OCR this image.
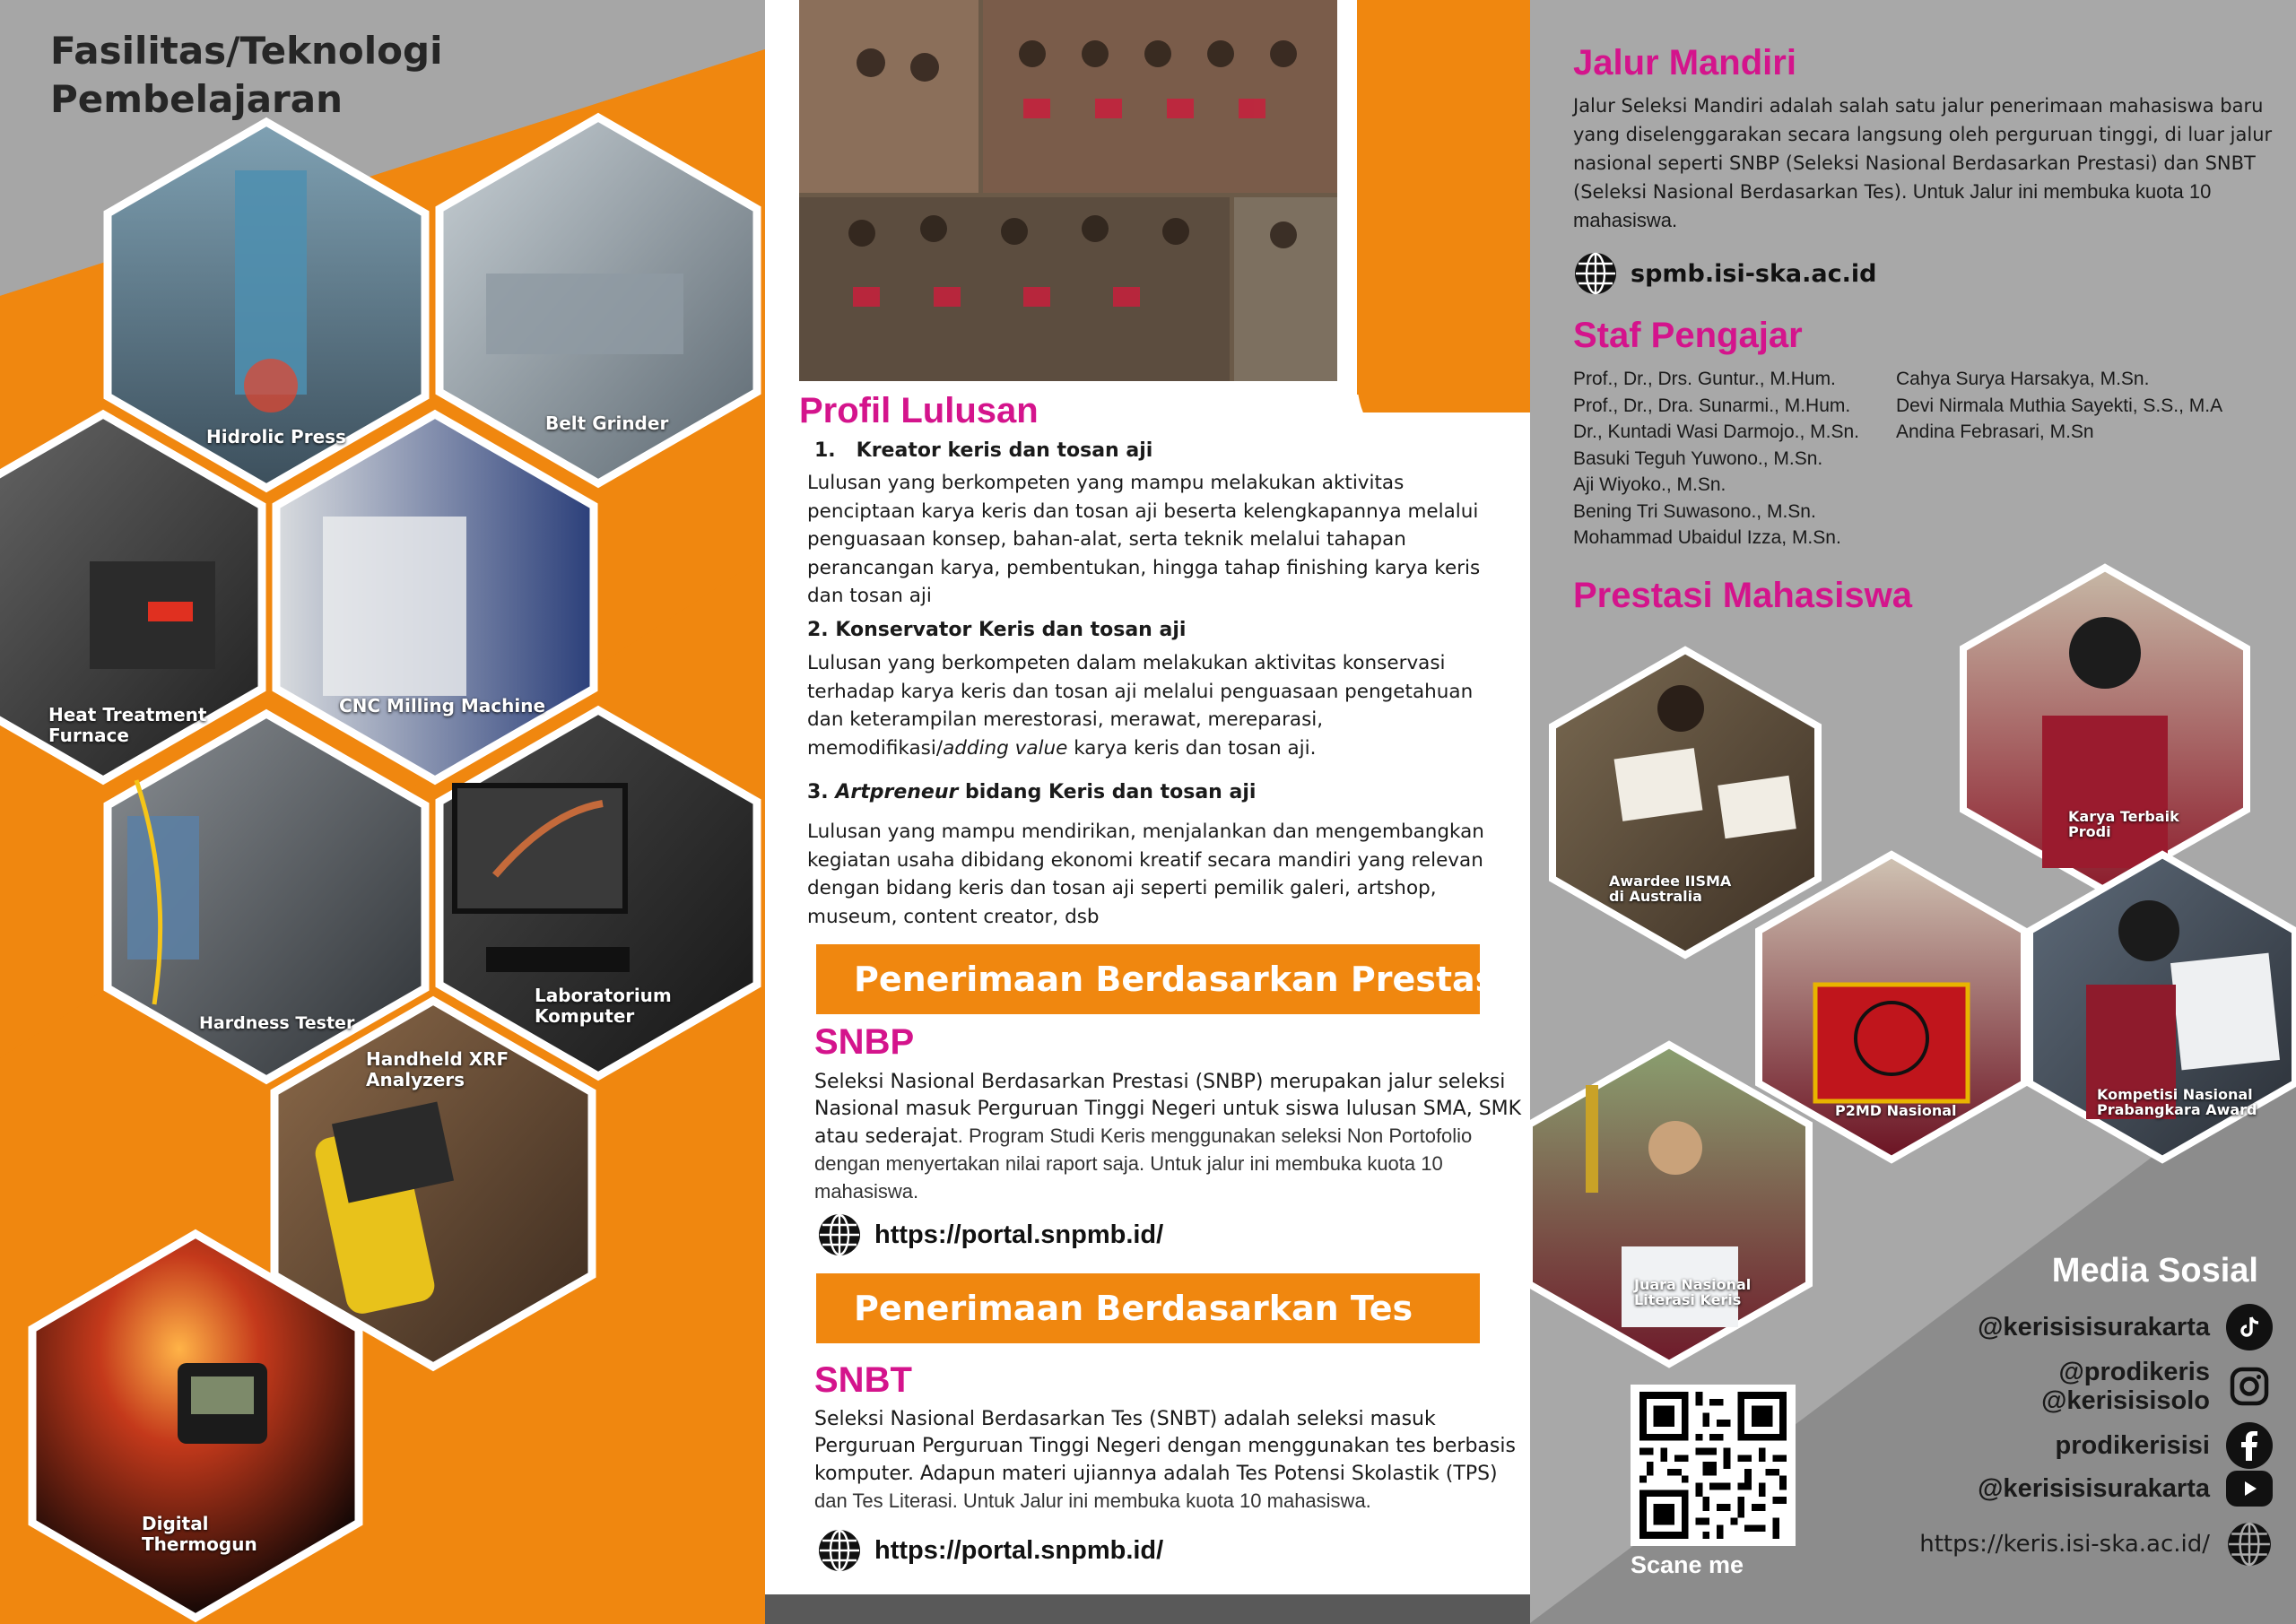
Fasilitas/Teknologi
Pembelajaran
Hidrolic Press
Belt Grinder
Heat Treatment
Furnace
CNC Milling Machine
Hardness Tester
Laboratorium
Komputer
Handheld XRF
Analyzers
Digital
Thermogun
Profil Lulusan
1. Kreator keris dan tosan aji
Lulusan yang berkompeten yang mampu melakukan aktivitas penciptaan karya keris dan tosan aji beserta kelengkapannya melalui penguasaan konsep, bahan-alat, serta teknik melalui tahapan perancangan karya, pembentukan, hingga tahap finishing karya keris dan tosan aji
2. Konservator Keris dan tosan aji
Lulusan yang berkompeten dalam melakukan aktivitas konservasi terhadap karya keris dan tosan aji melalui penguasaan pengetahuan dan keterampilan merestorasi, merawat, mereparasi, memodifikasi/adding value karya keris dan tosan aji.
3. Artpreneur bidang Keris dan tosan aji
Lulusan yang mampu mendirikan, menjalankan dan mengembangkan kegiatan usaha dibidang ekonomi kreatif secara mandiri yang relevan dengan bidang keris dan tosan aji seperti pemilik galeri, artshop, museum, content creator, dsb
Penerimaan Berdasarkan Prestasi
SNBP
Seleksi Nasional Berdasarkan Prestasi (SNBP) merupakan jalur seleksi Nasional masuk Perguruan Tinggi Negeri untuk siswa lulusan SMA, SMK atau sederajat. Program Studi Keris menggunakan seleksi Non Portofolio dengan menyertakan nilai raport saja. Untuk jalur ini membuka kuota 10 mahasiswa.
https://portal.snpmb.id/
Penerimaan Berdasarkan Tes
SNBT
Seleksi Nasional Berdasarkan Tes (SNBT) adalah seleksi masuk Perguruan Perguruan Tinggi Negeri dengan menggunakan tes berbasis komputer. Adapun materi ujiannya adalah Tes Potensi Skolastik (TPS) dan Tes Literasi. Untuk Jalur ini membuka kuota 10 mahasiswa.
https://portal.snpmb.id/
Jalur Mandiri
Jalur Seleksi Mandiri adalah salah satu jalur penerimaan mahasiswa baru yang diselenggarakan secara langsung oleh perguruan tinggi, di luar jalur nasional seperti SNBP (Seleksi Nasional Berdasarkan Prestasi) dan SNBT (Seleksi Nasional Berdasarkan Tes). Untuk Jalur ini membuka kuota 10 mahasiswa.
spmb.isi-ska.ac.id
Staf Pengajar
Prof., Dr., Drs. Guntur., M.Hum.
Prof., Dr., Dra. Sunarmi., M.Hum.
Dr., Kuntadi Wasi Darmojo., M.Sn.
Basuki Teguh Yuwono., M.Sn.
Aji Wiyoko., M.Sn.
Bening Tri Suwasono., M.Sn.
Mohammad Ubaidul Izza, M.Sn.
Cahya Surya Harsakya, M.Sn.
Devi Nirmala Muthia Sayekti, S.S., M.A
Andina Febrasari, M.Sn
Prestasi Mahasiswa
Awardee IISMA
di Australia
Karya Terbaik
Prodi
P2MD Nasional
Kompetisi Nasional
Prabangkara Award
Juara Nasional
Literasi Keris
Media Sosial
@kerisisisurakarta
@prodikeris
@kerisisisolo
prodikerisisi
@kerisisisurakarta
https://keris.isi-ska.ac.id/
Scane me
